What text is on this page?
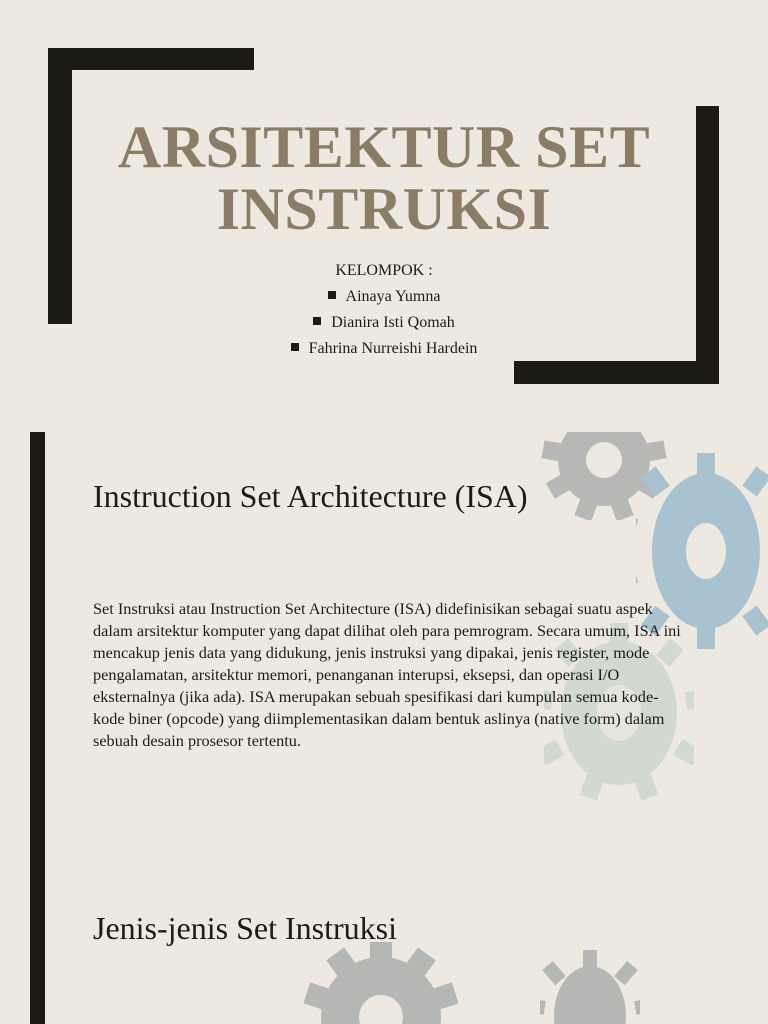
ARSITEKTUR SET
INSTRUKSI
KELOMPOK :
Ainaya Yumna
Dianira Isti Qomah
Fahrina Nurreishi Hardein
Instruction Set Architecture (ISA)
Set Instruksi atau Instruction Set Architecture (ISA) didefinisikan sebagai suatu aspek dalam arsitektur komputer yang dapat dilihat oleh para pemrogram. Secara umum, ISA ini mencakup jenis data yang didukung, jenis instruksi yang dipakai, jenis register, mode pengalamatan, arsitektur memori, penanganan interupsi, eksepsi, dan operasi I/O eksternalnya (jika ada). ISA merupakan sebuah spesifikasi dari kumpulan semua kode-kode biner (opcode) yang diimplementasikan dalam bentuk aslinya (native form) dalam sebuah desain prosesor tertentu.
Jenis-jenis Set Instruksi
